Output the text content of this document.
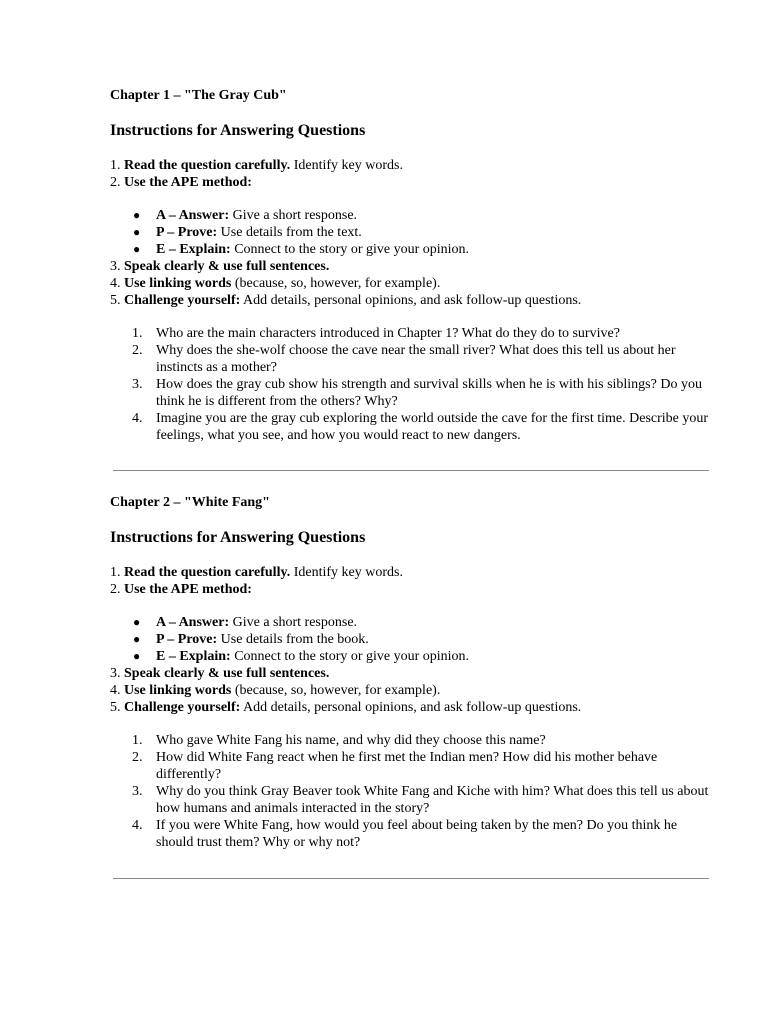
Chapter 1 – "The Gray Cub"

Instructions for Answering Questions

1. Read the question carefully. Identify key words.

2. Use the APE method:

● A – Answer: Give a short response.
● P – Prove: Use details from the text.
● E – Explain: Connect to the story or give your opinion.

3. Speak clearly & use full sentences.

4. Use linking words (because, so, however, for example).

5. Challenge yourself: Add details, personal opinions, and ask follow-up questions.

1. Who are the main characters introduced in Chapter 1? What do they do to survive?
2. Why does the she-wolf choose the cave near the small river? What does this tell us about her instincts as a mother?
3. How does the gray cub show his strength and survival skills when he is with his siblings? Do you think he is different from the others? Why?
4. Imagine you are the gray cub exploring the world outside the cave for the first time. Describe your feelings, what you see, and how you would react to new dangers.

Chapter 2 – "White Fang"

Instructions for Answering Questions

1. Read the question carefully. Identify key words.

2. Use the APE method:

● A – Answer: Give a short response.
● P – Prove: Use details from the book.
● E – Explain: Connect to the story or give your opinion.

3. Speak clearly & use full sentences.

4. Use linking words (because, so, however, for example).

5. Challenge yourself: Add details, personal opinions, and ask follow-up questions.

1. Who gave White Fang his name, and why did they choose this name?
2. How did White Fang react when he first met the Indian men? How did his mother behave differently?
3. Why do you think Gray Beaver took White Fang and Kiche with him? What does this tell us about how humans and animals interacted in the story?
4. If you were White Fang, how would you feel about being taken by the men? Do you think he should trust them? Why or why not?
